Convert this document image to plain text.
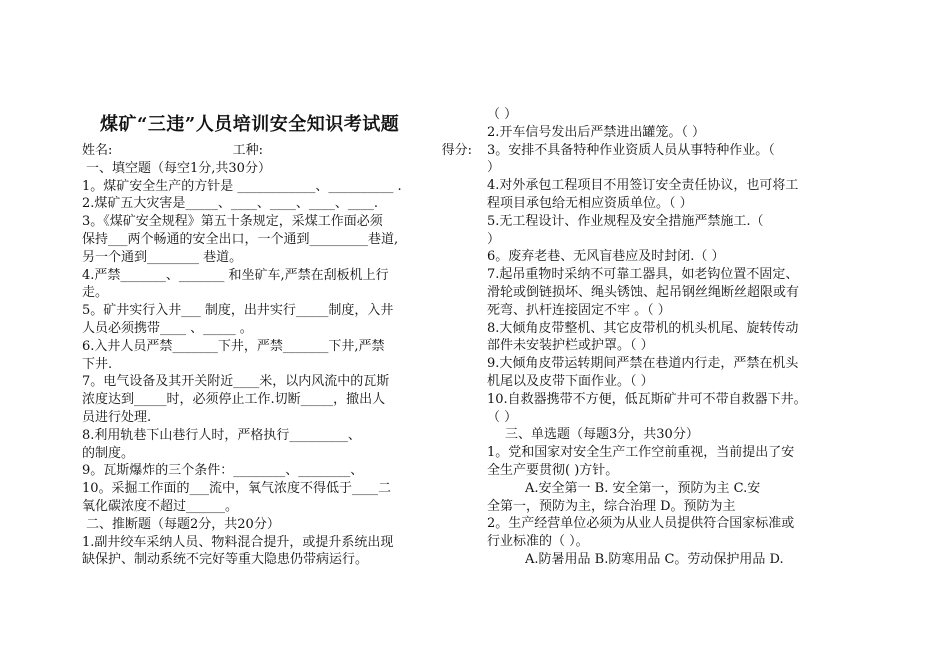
煤矿“三违”人员培训安全知识考试题
姓名:	工种:	得分:
一、填空题（每空1分,共30分）
1。煤矿安全生产的方针是 ____________、__________ .
2.煤矿五大灾害是_____、____、____、____、____.
3。《煤矿安全规程》第五十条规定，采煤工作面必须
保持___两个畅通的安全出口，一个通到_________巷道,
另一个通到________ 巷道。
4.严禁_______、_______ 和坐矿车,严禁在刮板机上行
走。
5。矿井实行入井___ 制度，出井实行_____制度，入井
人员必须携带____ 、_____ 。
6.入井人员严禁_______下井，严禁_______下井,严禁
下井.
7。电气设备及其开关附近____米，以内风流中的瓦斯
浓度达到_____时，必须停止工作.切断_____，撤出人
员进行处理.
8.利用轨巷下山巷行人时，严格执行_________、
的制度。
9。瓦斯爆炸的三个条件：________、________、
10。采掘工作面的___流中，氧气浓度不得低于____二
氧化碳浓度不超过______。
二、推断题（每题2分，共20分）
1.副井绞车采纳人员、物料混合提升，或提升系统出现
缺保护、制动系统不完好等重大隐患仍带病运行。
（ ）
2.开车信号发出后严禁进出罐笼。（ ）
3。安排不具备特种作业资质人员从事特种作业。（
）
4.对外承包工程项目不用签订安全责任协议，也可将工
程项目承包给无相应资质单位。（ ）
5.无工程设计、作业规程及安全措施严禁施工.（
）
6。废弃老巷、无风盲巷应及时封闭.（ ）
7.起吊重物时采纳不可靠工器具，如老钩位置不固定、
滑轮或倒链损坏、绳头锈蚀、起吊钢丝绳断丝超限或有
死弯、扒杆连接固定不牢 。（ ）
8.大倾角皮带整机、其它皮带机的机头机尾、旋转传动
部件未安装护栏或护罩。（ ）
9.大倾角皮带运转期间严禁在巷道内行走，严禁在机头
机尾以及皮带下面作业。（ ）
10.自救器携带不方便，低瓦斯矿井可不带自救器下井。
（ ）
三、单选题（每题3分，共30分）
1。党和国家对安全生产工作空前重视，当前提出了安
全生产要贯彻( )方针。
A.安全第一 B. 安全第一，预防为主 C.安
全第一，预防为主，综合治理 D。预防为主
2。生产经营单位必须为从业人员提供符合国家标准或
行业标准的（ ）。
A.防暑用品 B.防寒用品 C。劳动保护用品 D.
